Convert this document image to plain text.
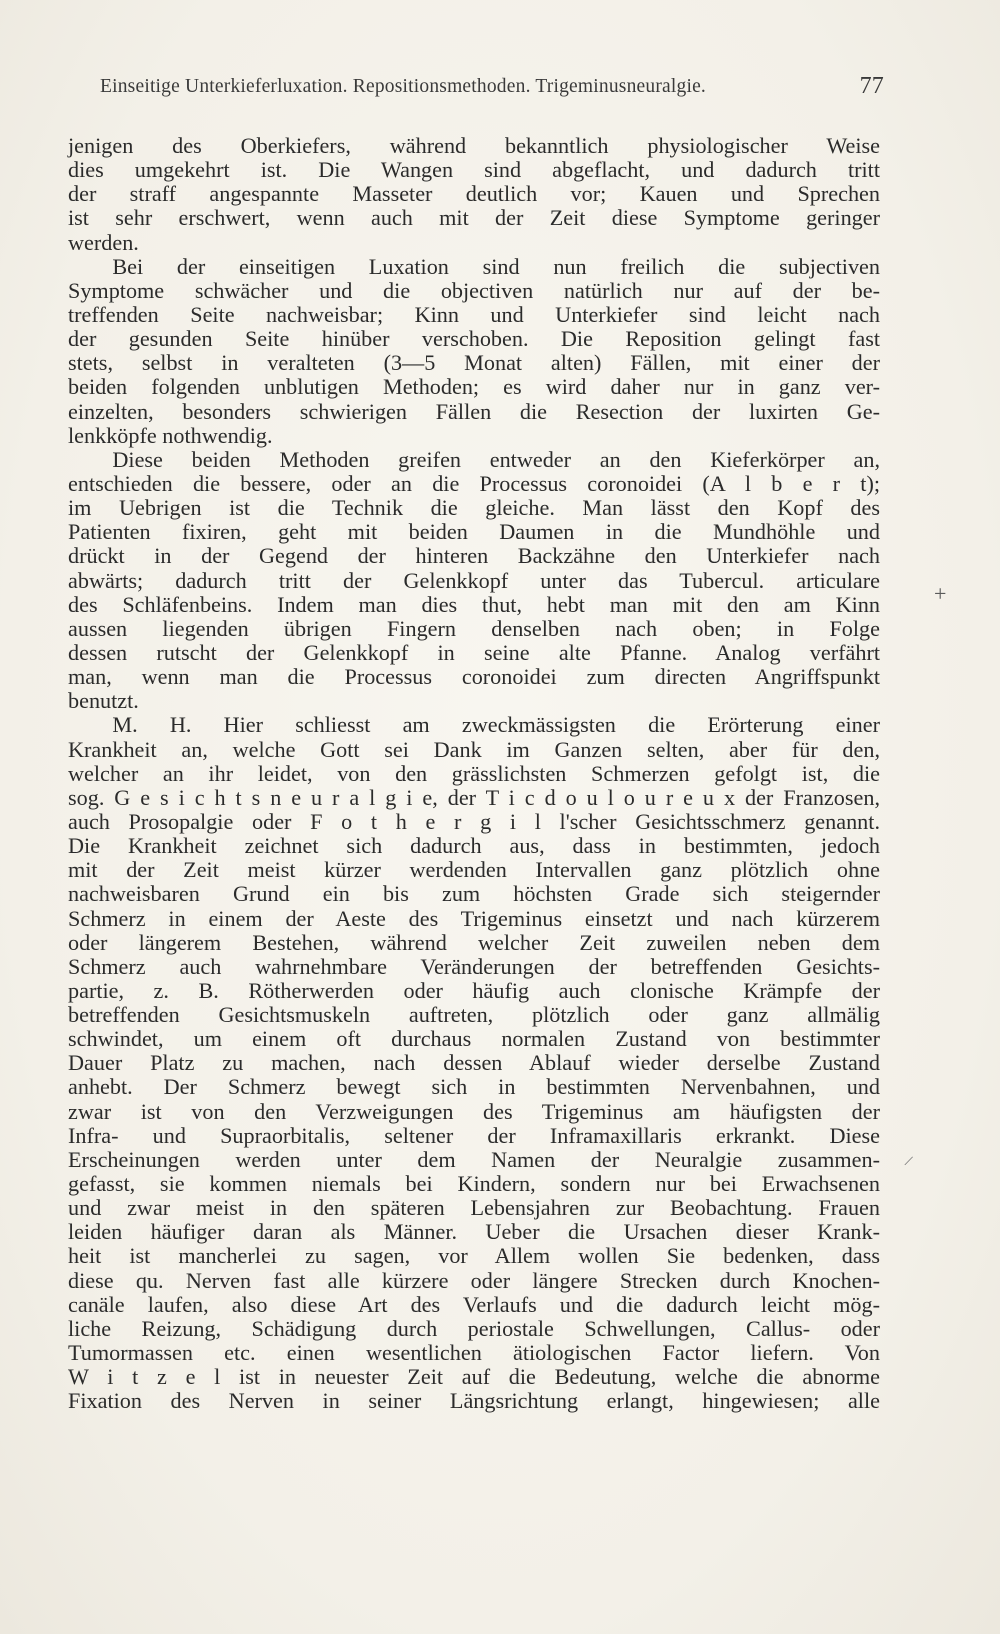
Einseitige Unterkieferluxation. Repositionsmethoden. Trigeminusneuralgie.	77
jenigen des Oberkiefers, während bekanntlich physiologischer Weise
dies umgekehrt ist. Die Wangen sind abgeflacht, und dadurch tritt
der straff angespannte Masseter deutlich vor; Kauen und Sprechen
ist sehr erschwert, wenn auch mit der Zeit diese Symptome geringer
werden.
  Bei der einseitigen Luxation sind nun freilich die subjectiven
Symptome schwächer und die objectiven natürlich nur auf der be-
treffenden Seite nachweisbar; Kinn und Unterkiefer sind leicht nach
der gesunden Seite hinüber verschoben. Die Reposition gelingt fast
stets, selbst in veralteten (3—5 Monat alten) Fällen, mit einer der
beiden folgenden unblutigen Methoden; es wird daher nur in ganz ver-
einzelten, besonders schwierigen Fällen die Resection der luxirten Ge-
lenkköpfe nothwendig.
  Diese beiden Methoden greifen entweder an den Kieferkörper an,
entschieden die bessere, oder an die Processus coronoidei (A l b e r t);
im Uebrigen ist die Technik die gleiche. Man lässt den Kopf des
Patienten fixiren, geht mit beiden Daumen in die Mundhöhle und
drückt in der Gegend der hinteren Backzähne den Unterkiefer nach
abwärts; dadurch tritt der Gelenkkopf unter das Tubercul. articulare
des Schläfenbeins. Indem man dies thut, hebt man mit den am Kinn
aussen liegenden übrigen Fingern denselben nach oben; in Folge
dessen rutscht der Gelenkkopf in seine alte Pfanne. Analog verfährt
man, wenn man die Processus coronoidei zum directen Angriffspunkt
benutzt.
  M. H. Hier schliesst am zweckmässigsten die Erörterung einer
Krankheit an, welche Gott sei Dank im Ganzen selten, aber für den,
welcher an ihr leidet, von den grässlichsten Schmerzen gefolgt ist, die
sog. G e s i c h t s n e u r a l g i e, der T i c d o u l o u r e u x der Franzosen,
auch Prosopalgie oder F o t h e r g i l l'scher Gesichtsschmerz genannt.
Die Krankheit zeichnet sich dadurch aus, dass in bestimmten, jedoch
mit der Zeit meist kürzer werdenden Intervallen ganz plötzlich ohne
nachweisbaren Grund ein bis zum höchsten Grade sich steigernder
Schmerz in einem der Aeste des Trigeminus einsetzt und nach kürzerem
oder längerem Bestehen, während welcher Zeit zuweilen neben dem
Schmerz auch wahrnehmbare Veränderungen der betreffenden Gesichts-
partie, z. B. Rötherwerden oder häufig auch clonische Krämpfe der
betreffenden Gesichtsmuskeln auftreten, plötzlich oder ganz allmälig
schwindet, um einem oft durchaus normalen Zustand von bestimmter
Dauer Platz zu machen, nach dessen Ablauf wieder derselbe Zustand
anhebt. Der Schmerz bewegt sich in bestimmten Nervenbahnen, und
zwar ist von den Verzweigungen des Trigeminus am häufigsten der
Infra- und Supraorbitalis, seltener der Inframaxillaris erkrankt. Diese
Erscheinungen werden unter dem Namen der Neuralgie zusammen-
gefasst, sie kommen niemals bei Kindern, sondern nur bei Erwachsenen
und zwar meist in den späteren Lebensjahren zur Beobachtung. Frauen
leiden häufiger daran als Männer. Ueber die Ursachen dieser Krank-
heit ist mancherlei zu sagen, vor Allem wollen Sie bedenken, dass
diese qu. Nerven fast alle kürzere oder längere Strecken durch Knochen-
canäle laufen, also diese Art des Verlaufs und die dadurch leicht mög-
liche Reizung, Schädigung durch periostale Schwellungen, Callus- oder
Tumormassen etc. einen wesentlichen ätiologischen Factor liefern. Von
W i t z e l ist in neuester Zeit auf die Bedeutung, welche die abnorme
Fixation des Nerven in seiner Längsrichtung erlangt, hingewiesen; alle
+
/
